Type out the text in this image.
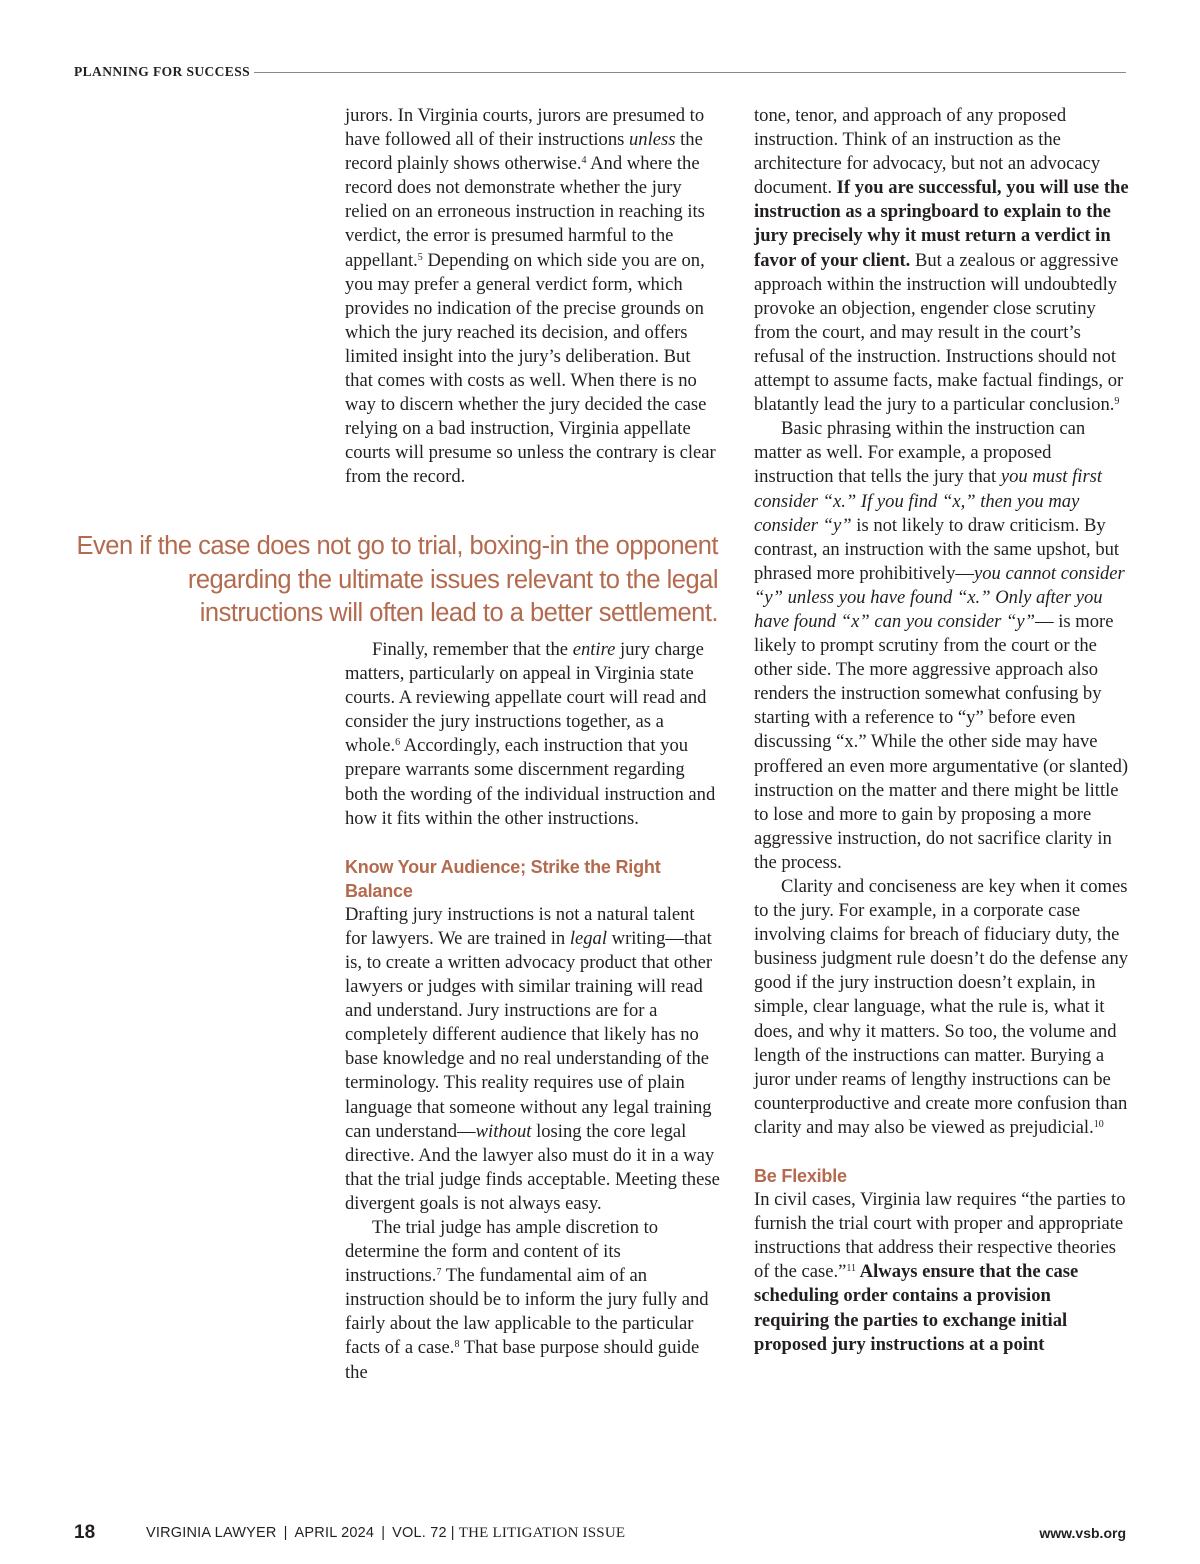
PLANNING FOR SUCCESS

jurors. In Virginia courts, jurors are presumed to have followed all of their instructions unless the record plainly shows otherwise.$^4$ And where the record does not demonstrate whether the jury relied on an erroneous instruction in reaching its verdict, the error is presumed harmful to the appellant.$^5$ Depending on which side you are on, you may prefer a general verdict form, which provides no indication of the precise grounds on which the jury reached its decision, and offers limited insight into the jury’s deliberation. But that comes with costs as well. When there is no way to discern whether the jury decided the case relying on a bad instruction, Virginia appellate courts will presume so unless the contrary is clear from the record.

Even if the case does not go to trial, boxing-in the opponent regarding the ultimate issues relevant to the legal instructions will often lead to a better settlement.

Finally, remember that the entire jury charge matters, particularly on appeal in Virginia state courts. A reviewing appellate court will read and consider the jury instructions together, as a whole.$^6$ Accordingly, each instruction that you prepare warrants some discernment regarding both the wording of the individual instruction and how it fits within the other instructions.

Know Your Audience; Strike the Right Balance

Drafting jury instructions is not a natural talent for lawyers. We are trained in legal writing—that is, to create a written advocacy product that other lawyers or judges with similar training will read and understand. Jury instructions are for a completely different audience that likely has no base knowledge and no real understanding of the terminology. This reality requires use of plain language that someone without any legal training can understand—without losing the core legal directive. And the lawyer also must do it in a way that the trial judge finds acceptable. Meeting these divergent goals is not always easy.

The trial judge has ample discretion to determine the form and content of its instructions.$^7$ The fundamental aim of an instruction should be to inform the jury fully and fairly about the law applicable to the particular facts of a case.$^8$ That base purpose should guide the

tone, tenor, and approach of any proposed instruction. Think of an instruction as the architecture for advocacy, but not an advocacy document. If you are successful, you will use the instruction as a springboard to explain to the jury precisely why it must return a verdict in favor of your client. But a zealous or aggressive approach within the instruction will undoubtedly provoke an objection, engender close scrutiny from the court, and may result in the court’s refusal of the instruction. Instructions should not attempt to assume facts, make factual findings, or blatantly lead the jury to a particular conclusion.$^9$

Basic phrasing within the instruction can matter as well. For example, a proposed instruction that tells the jury that you must first consider “x.” If you find “x,” then you may consider “y” is not likely to draw criticism. By contrast, an instruction with the same upshot, but phrased more prohibitively—you cannot consider “y” unless you have found “x.” Only after you have found “x” can you consider “y”— is more likely to prompt scrutiny from the court or the other side. The more aggressive approach also renders the instruction somewhat confusing by starting with a reference to “y” before even discussing “x.” While the other side may have proffered an even more argumentative (or slanted) instruction on the matter and there might be little to lose and more to gain by proposing a more aggressive instruction, do not sacrifice clarity in the process.

Clarity and conciseness are key when it comes to the jury. For example, in a corporate case involving claims for breach of fiduciary duty, the business judgment rule doesn’t do the defense any good if the jury instruction doesn’t explain, in simple, clear language, what the rule is, what it does, and why it matters. So too, the volume and length of the instructions can matter. Burying a juror under reams of lengthy instructions can be counterproductive and create more confusion than clarity and may also be viewed as prejudicial.$^{10}$

Be Flexible

In civil cases, Virginia law requires “the parties to furnish the trial court with proper and appropriate instructions that address their respective theories of the case.”$^{11}$ Always ensure that the case scheduling order contains a provision requiring the parties to exchange initial proposed jury instructions at a point

18	VIRGINIA LAWYER | APRIL 2024 | VOL. 72 | THE LITIGATION ISSUE	www.vsb.org
